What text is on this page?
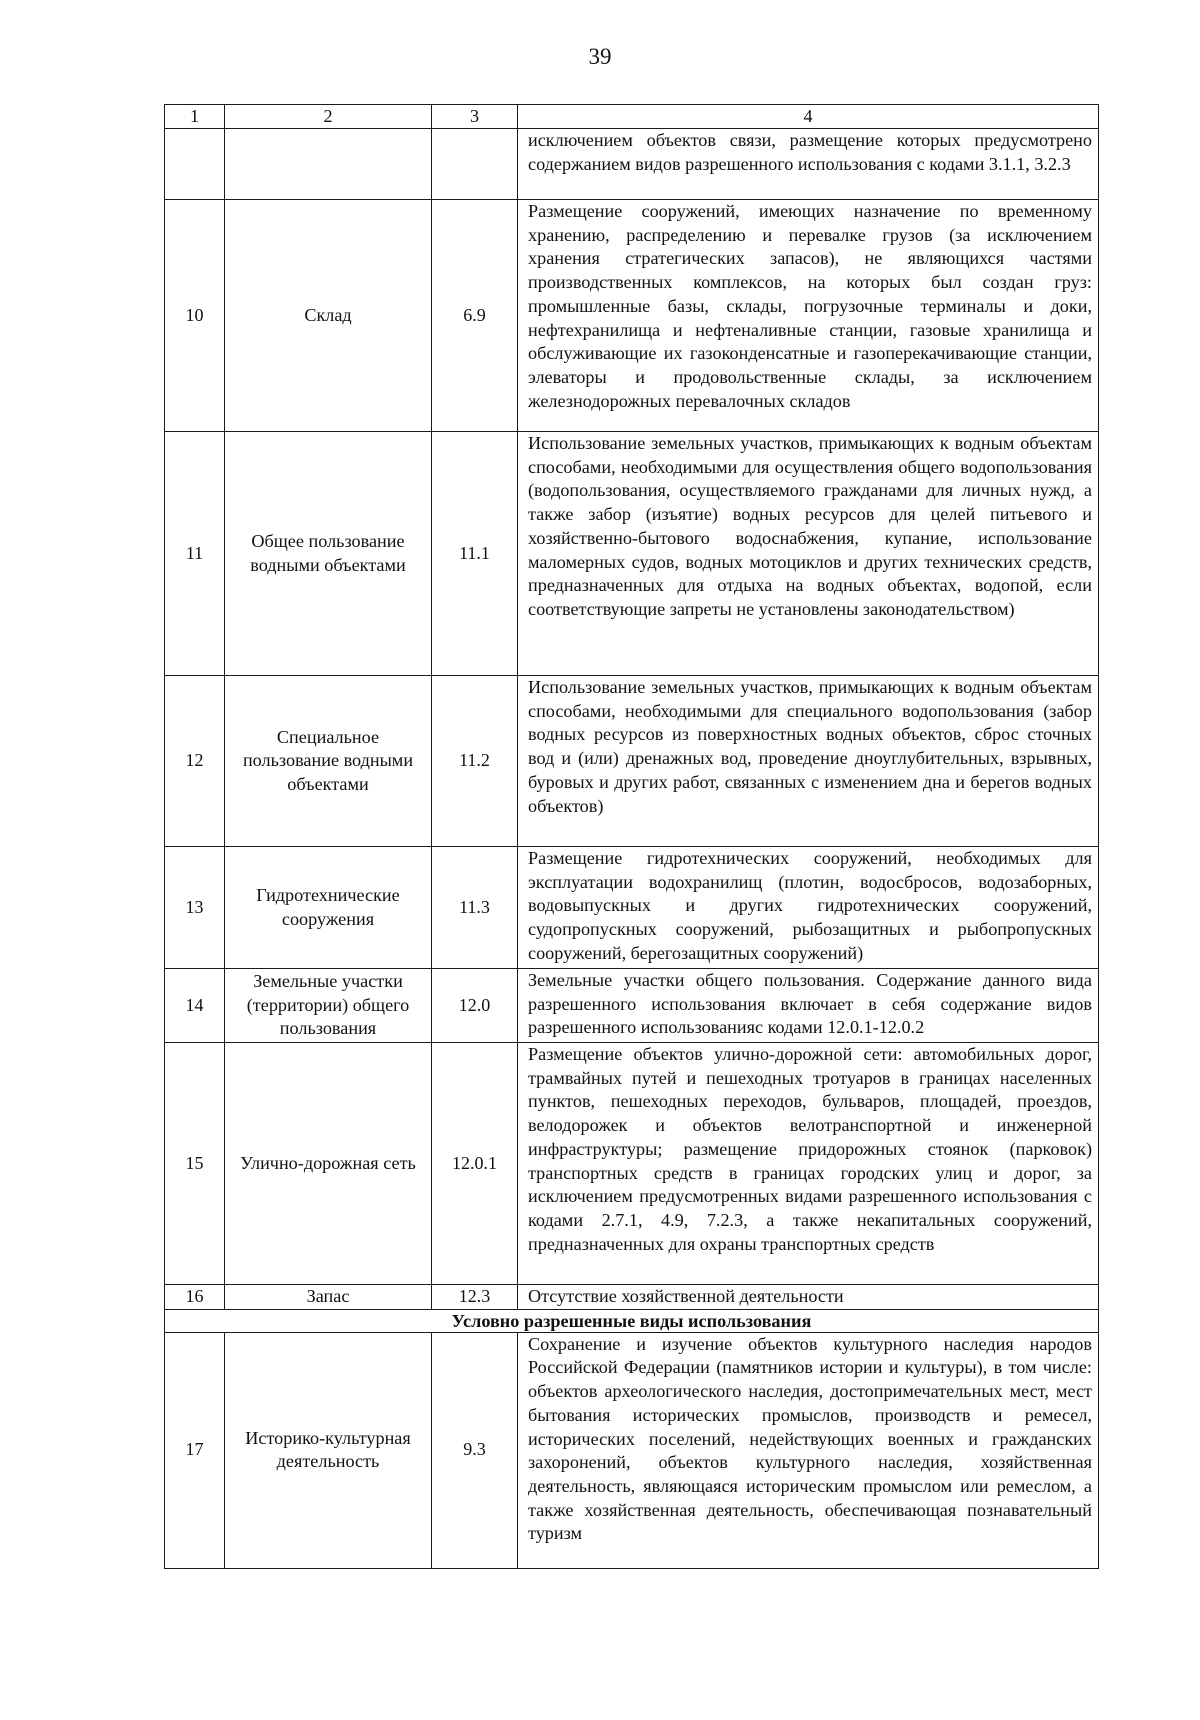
39
1	2	3	4
			исключением объектов связи, размещение которых предусмотрено содержанием видов разрешенного использования с кодами 3.1.1, 3.2.3
10	Склад	6.9	Размещение сооружений, имеющих назначение по временному хранению, распределению и перевалке грузов (за исключением хранения стратегических запасов), не являющихся частями производственных комплексов, на которых был создан груз: промышленные базы, склады, погрузочные терминалы и доки, нефтехранилища и нефтеналивные станции, газовые хранилища и обслуживающие их газоконденсатные и газоперекачивающие станции, элеваторы и продовольственные склады, за исключением железнодорожных перевалочных складов
11	Общее пользование водными объектами	11.1	Использование земельных участков, примыкающих к водным объектам способами, необходимыми для осуществления общего водопользования (водопользования, осуществляемого гражданами для личных нужд, а также забор (изъятие) водных ресурсов для целей питьевого и хозяйственно-бытового водоснабжения, купание, использование маломерных судов, водных мотоциклов и других технических средств, предназначенных для отдыха на водных объектах, водопой, если соответствующие запреты не установлены законодательством)
12	Специальное пользование водными объектами	11.2	Использование земельных участков, примыкающих к водным объектам способами, необходимыми для специального водопользования (забор водных ресурсов из поверхностных водных объектов, сброс сточных вод и (или) дренажных вод, проведение дноуглубительных, взрывных, буровых и других работ, связанных с изменением дна и берегов водных объектов)
13	Гидротехнические сооружения	11.3	Размещение гидротехнических сооружений, необходимых для эксплуатации водохранилищ (плотин, водосбросов, водозаборных, водовыпускных и других гидротехнических сооружений, судопропускных сооружений, рыбозащитных и рыбопропускных сооружений, берегозащитных сооружений)
14	Земельные участки (территории) общего пользования	12.0	Земельные участки общего пользования. Содержание данного вида разрешенного использования включает в себя содержание видов разрешенного использованияс кодами 12.0.1-12.0.2
15	Улично-дорожная сеть	12.0.1	Размещение объектов улично-дорожной сети: автомобильных дорог, трамвайных путей и пешеходных тротуаров в границах населенных пунктов, пешеходных переходов, бульваров, площадей, проездов, велодорожек и объектов велотранспортной и инженерной инфраструктуры; размещение придорожных стоянок (парковок) транспортных средств в границах городских улиц и дорог, за исключением предусмотренных видами разрешенного использования с кодами 2.7.1, 4.9, 7.2.3, а также некапитальных сооружений, предназначенных для охраны транспортных средств
16	Запас	12.3	Отсутствие хозяйственной деятельности
Условно разрешенные виды использования			
17	Историко-культурная деятельность	9.3	Сохранение и изучение объектов культурного наследия народов Российской Федерации (памятников истории и культуры), в том числе: объектов археологического наследия, достопримечательных мест, мест бытования исторических промыслов, производств и ремесел, исторических поселений, недействующих военных и гражданских захоронений, объектов культурного наследия, хозяйственная деятельность, являющаяся историческим промыслом или ремеслом, а также хозяйственная деятельность, обеспечивающая познавательный туризм
